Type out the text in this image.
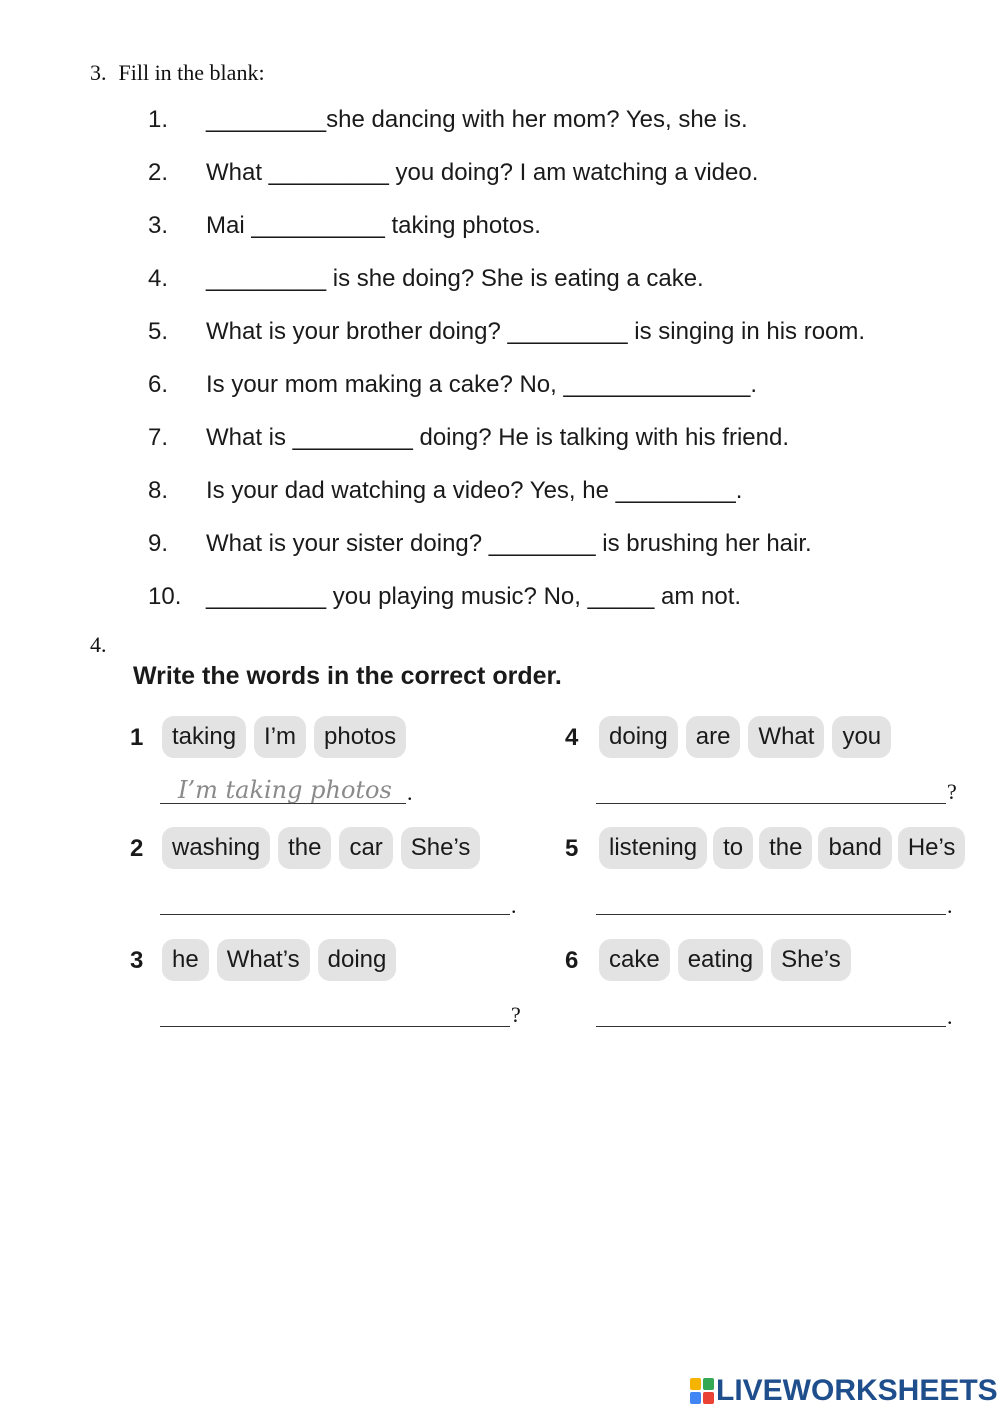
3. Fill in the blank:
1. _________she dancing with her mom? Yes, she is.
2. What _________ you doing? I am watching a video.
3. Mai __________ taking photos.
4. _________ is she doing? She is eating a cake.
5. What is your brother doing? _________ is singing in his room.
6. Is your mom making a cake? No, ______________.
7. What is _________ doing? He is talking with his friend.
8. Is your dad watching a video? Yes, he _________.
9. What is your sister doing? ________ is brushing her hair.
10. _________ you playing music? No, _____ am not.
4.
Write the words in the correct order.
1	taking	I’m	photos
I’m taking photos .
2	washing	the	car	She’s
.
3	he	What’s	doing
?
4	doing	are	What	you
?
5	listening	to	the	band	He’s
.
6	cake	eating	She’s
.
LIVEWORKSHEETS
